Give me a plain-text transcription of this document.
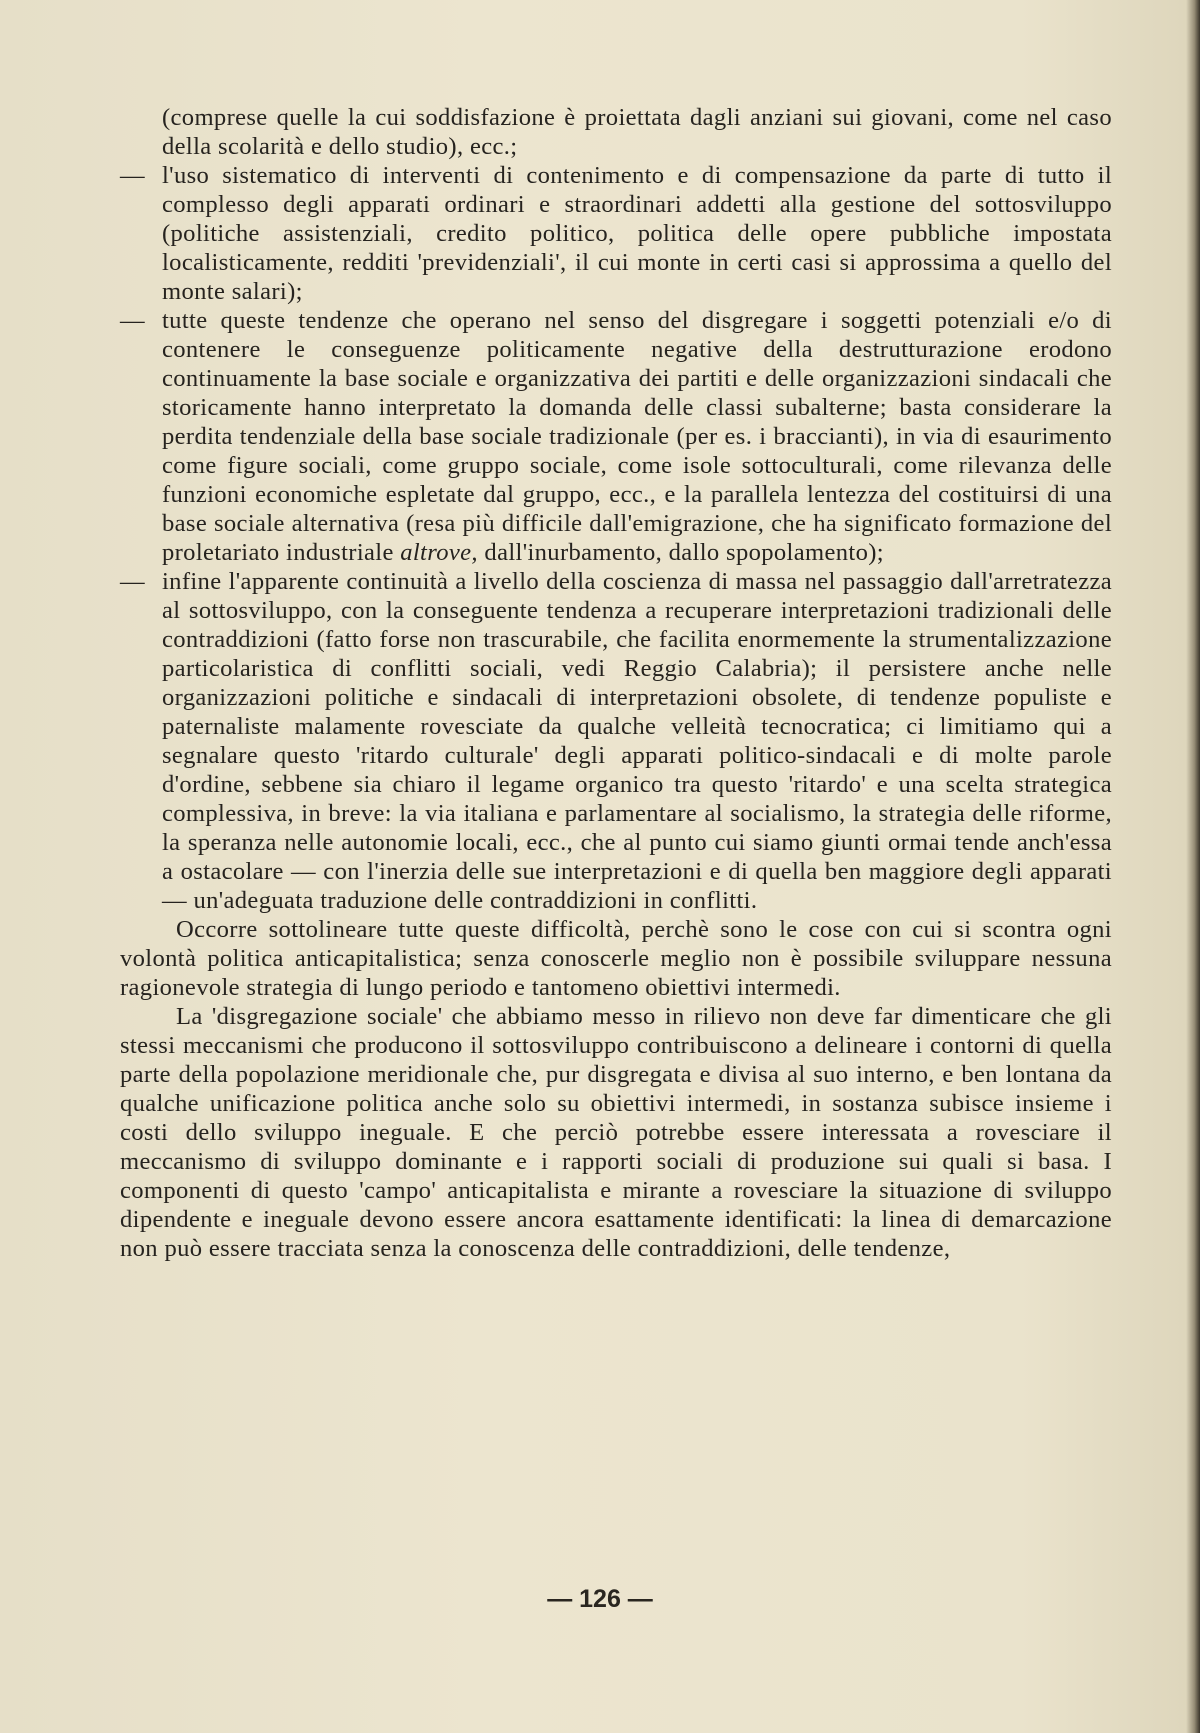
(comprese quelle la cui soddisfazione è proiettata dagli anziani sui giovani, come nel caso della scolarità e dello studio), ecc.;

— l'uso sistematico di interventi di contenimento e di compensazione da parte di tutto il complesso degli apparati ordinari e straordinari addetti alla gestione del sottosviluppo (politiche assistenziali, credito politico, politica delle opere pubbliche impostata localisticamente, redditi 'previdenziali', il cui monte in certi casi si approssima a quello del monte salari);

— tutte queste tendenze che operano nel senso del disgregare i soggetti potenziali e/o di contenere le conseguenze politicamente negative della destrutturazione erodono continuamente la base sociale e organizzativa dei partiti e delle organizzazioni sindacali che storicamente hanno interpretato la domanda delle classi subalterne; basta considerare la perdita tendenziale della base sociale tradizionale (per es. i braccianti), in via di esaurimento come figure sociali, come gruppo sociale, come isole sottoculturali, come rilevanza delle funzioni economiche espletate dal gruppo, ecc., e la parallela lentezza del costituirsi di una base sociale alternativa (resa più difficile dall'emigrazione, che ha significato formazione del proletariato industriale altrove, dall'inurbamento, dallo spopolamento);

— infine l'apparente continuità a livello della coscienza di massa nel passaggio dall'arretratezza al sottosviluppo, con la conseguente tendenza a recuperare interpretazioni tradizionali delle contraddizioni (fatto forse non trascurabile, che facilita enormemente la strumentalizzazione particolaristica di conflitti sociali, vedi Reggio Calabria); il persistere anche nelle organizzazioni politiche e sindacali di interpretazioni obsolete, di tendenze populiste e paternaliste malamente rovesciate da qualche velleità tecnocratica; ci limitiamo qui a segnalare questo 'ritardo culturale' degli apparati politico-sindacali e di molte parole d'ordine, sebbene sia chiaro il legame organico tra questo 'ritardo' e una scelta strategica complessiva, in breve: la via italiana e parlamentare al socialismo, la strategia delle riforme, la speranza nelle autonomie locali, ecc., che al punto cui siamo giunti ormai tende anch'essa a ostacolare — con l'inerzia delle sue interpretazioni e di quella ben maggiore degli apparati — un'adeguata traduzione delle contraddizioni in conflitti.

Occorre sottolineare tutte queste difficoltà, perchè sono le cose con cui si scontra ogni volontà politica anticapitalistica; senza conoscerle meglio non è possibile sviluppare nessuna ragionevole strategia di lungo periodo e tantomeno obiettivi intermedi.

La 'disgregazione sociale' che abbiamo messo in rilievo non deve far dimenticare che gli stessi meccanismi che producono il sottosviluppo contribuiscono a delineare i contorni di quella parte della popolazione meridionale che, pur disgregata e divisa al suo interno, e ben lontana da qualche unificazione politica anche solo su obiettivi intermedi, in sostanza subisce insieme i costi dello sviluppo ineguale. E che perciò potrebbe essere interessata a rovesciare il meccanismo di sviluppo dominante e i rapporti sociali di produzione sui quali si basa. I componenti di questo 'campo' anticapitalista e mirante a rovesciare la situazione di sviluppo dipendente e ineguale devono essere ancora esattamente identificati: la linea di demarcazione non può essere tracciata senza la conoscenza delle contraddizioni, delle tendenze,

— 126 —
